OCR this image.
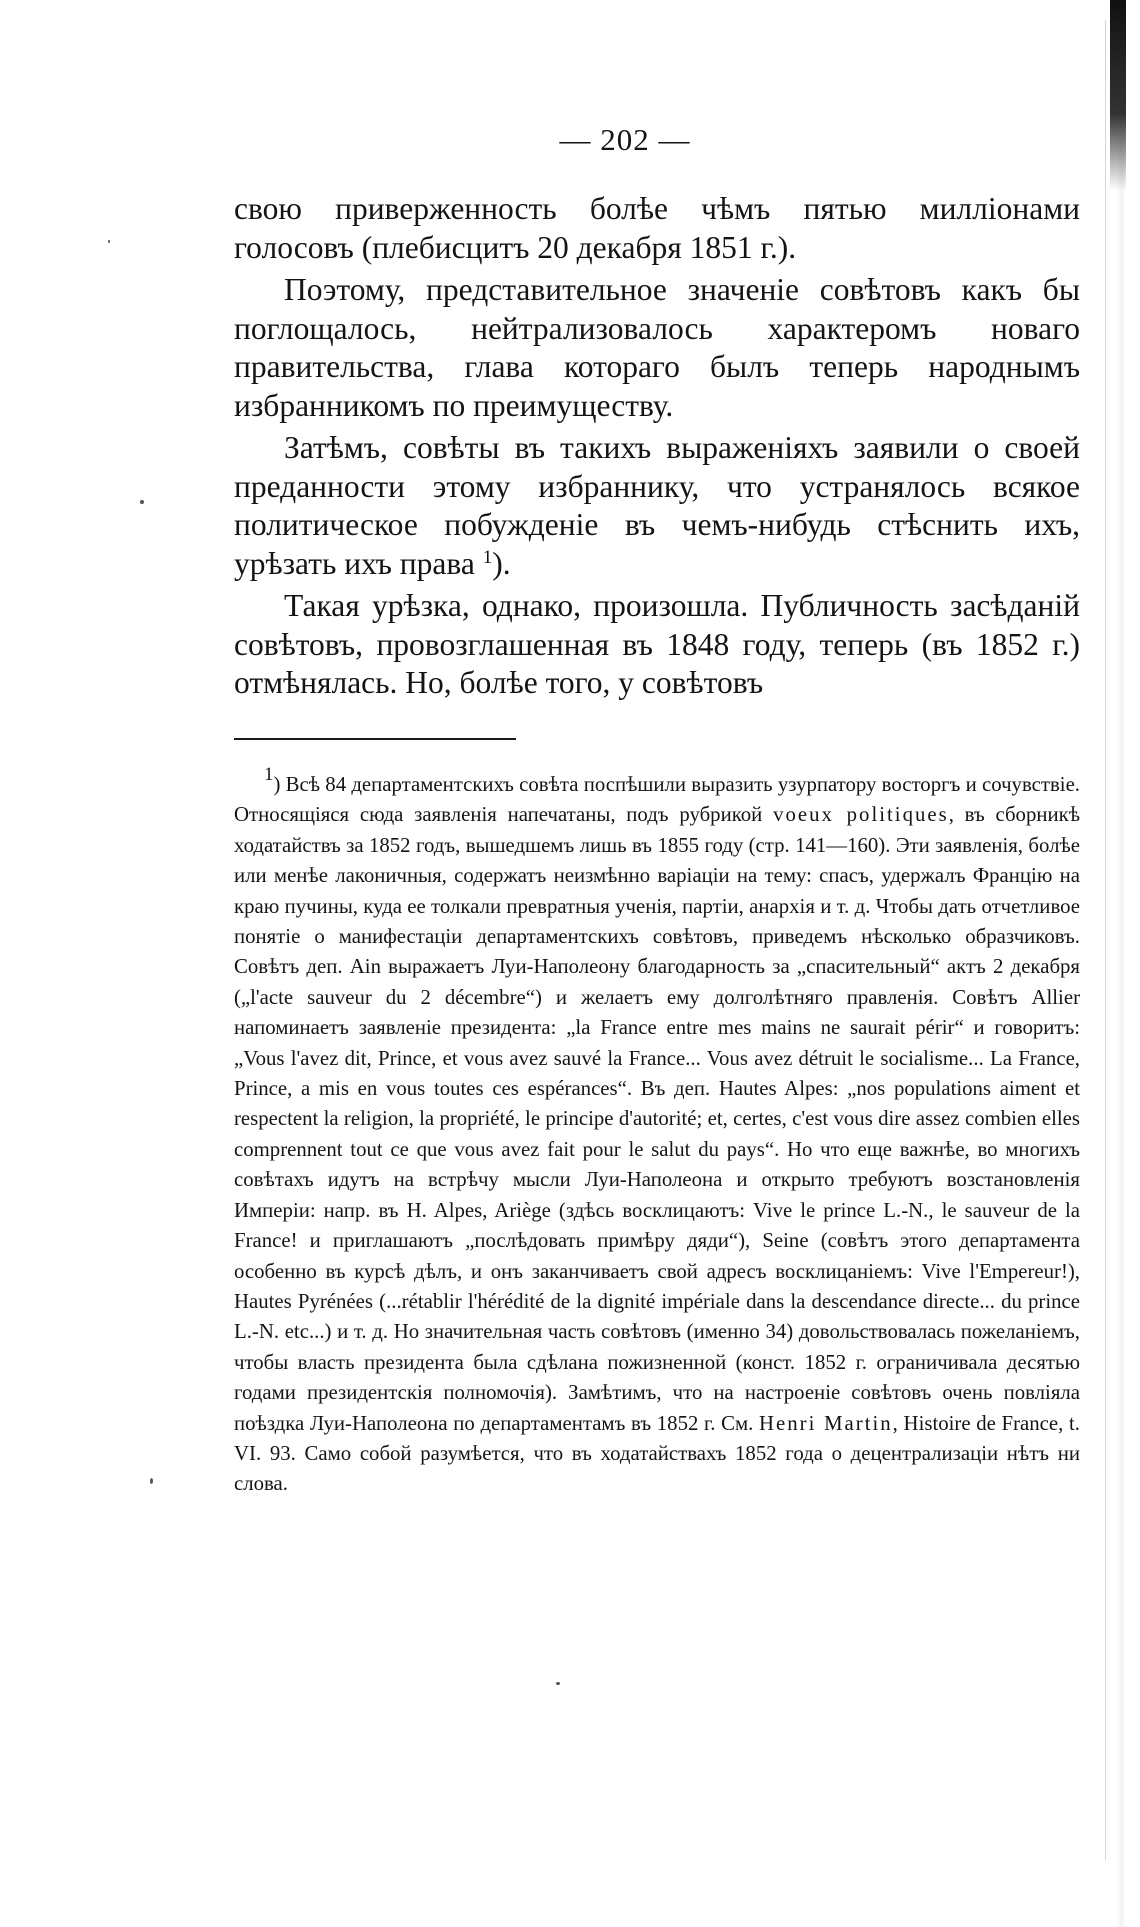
— 202 —

свою приверженность болѣе чѣмъ пятью милліонами голосовъ (плебисцитъ 20 декабря 1851 г.).

Поэтому, представительное значеніе совѣтовъ какъ бы поглощалось, нейтрализовалось характеромъ новаго правительства, глава котораго былъ теперь народнымъ избранникомъ по преимуществу.

Затѣмъ, совѣты въ такихъ выраженіяхъ заявили о своей преданности этому избраннику, что устранялось всякое политическое побужденіе въ чемъ-нибудь стѣснить ихъ, урѣзать ихъ права $^1$).

Такая урѣзка, однако, произошла. Публичность засѣданій совѣтовъ, провозглашенная въ 1848 году, теперь (въ 1852 г.) отмѣнялась. Но, болѣе того, у совѣтовъ

1) Всѣ 84 департаментскихъ совѣта поспѣшили выразить узурпатору восторгъ и сочувствіе. Относящіяся сюда заявленія напечатаны, подъ рубрикой voeux politiques, въ сборникѣ ходатайствъ за 1852 годъ, вышедшемъ лишь въ 1855 году (стр. 141—160). Эти заявленія, болѣе или менѣе лаконичныя, содержатъ неизмѣнно варіаціи на тему: спасъ, удержалъ Францію на краю пучины, куда ее толкали превратныя ученія, партіи, анархія и т. д. Чтобы дать отчетливое понятіе о манифестаціи департаментскихъ совѣтовъ, приведемъ нѣсколько образчиковъ. Совѣтъ деп. Ain выражаетъ Луи-Наполеону благодарность за „спасительный“ актъ 2 декабря („l'acte sauveur du 2 décembre“) и желаетъ ему долголѣтняго правленія. Совѣтъ Allier напоминаетъ заявленіе президента: „la France entre mes mains ne saurait périr“ и говоритъ: „Vous l'avez dit, Prince, et vous avez sauvé la France... Vous avez détruit le socialisme... La France, Prince, a mis en vous toutes ces espérances“. Въ деп. Hautes Alpes: „nos populations aiment et respectent la religion, la propriété, le principe d'autorité; et, certes, c'est vous dire assez combien elles comprennent tout ce que vous avez fait pour le salut du pays“. Но что еще важнѣе, во многихъ совѣтахъ идутъ на встрѣчу мысли Луи-Наполеона и открыто требуютъ возстановленія Имперіи: напр. въ H. Alpes, Ariège (здѣсь восклицаютъ: Vive le prince L.-N., le sauveur de la France! и приглашаютъ „послѣдовать примѣру дяди“), Seine (совѣтъ этого департамента особенно въ курсѣ дѣлъ, и онъ заканчиваетъ свой адресъ восклицаніемъ: Vive l'Empereur!), Hautes Pyrénées (...rétablir l'hérédité de la dignité impériale dans la descendance directe... du prince L.-N. etc...) и т. д. Но значительная часть совѣтовъ (именно 34) довольствовалась пожеланіемъ, чтобы власть президента была сдѣлана пожизненной (конст. 1852 г. ограничивала десятью годами президентскія полномочія). Замѣтимъ, что на настроеніе совѣтовъ очень повліяла поѣздка Луи-Наполеона по департаментамъ въ 1852 г. См. Henri Martin, Histoire de France, t. VI. 93. Само собой разумѣется, что въ ходатайствахъ 1852 года о децентрализаціи нѣтъ ни слова.
